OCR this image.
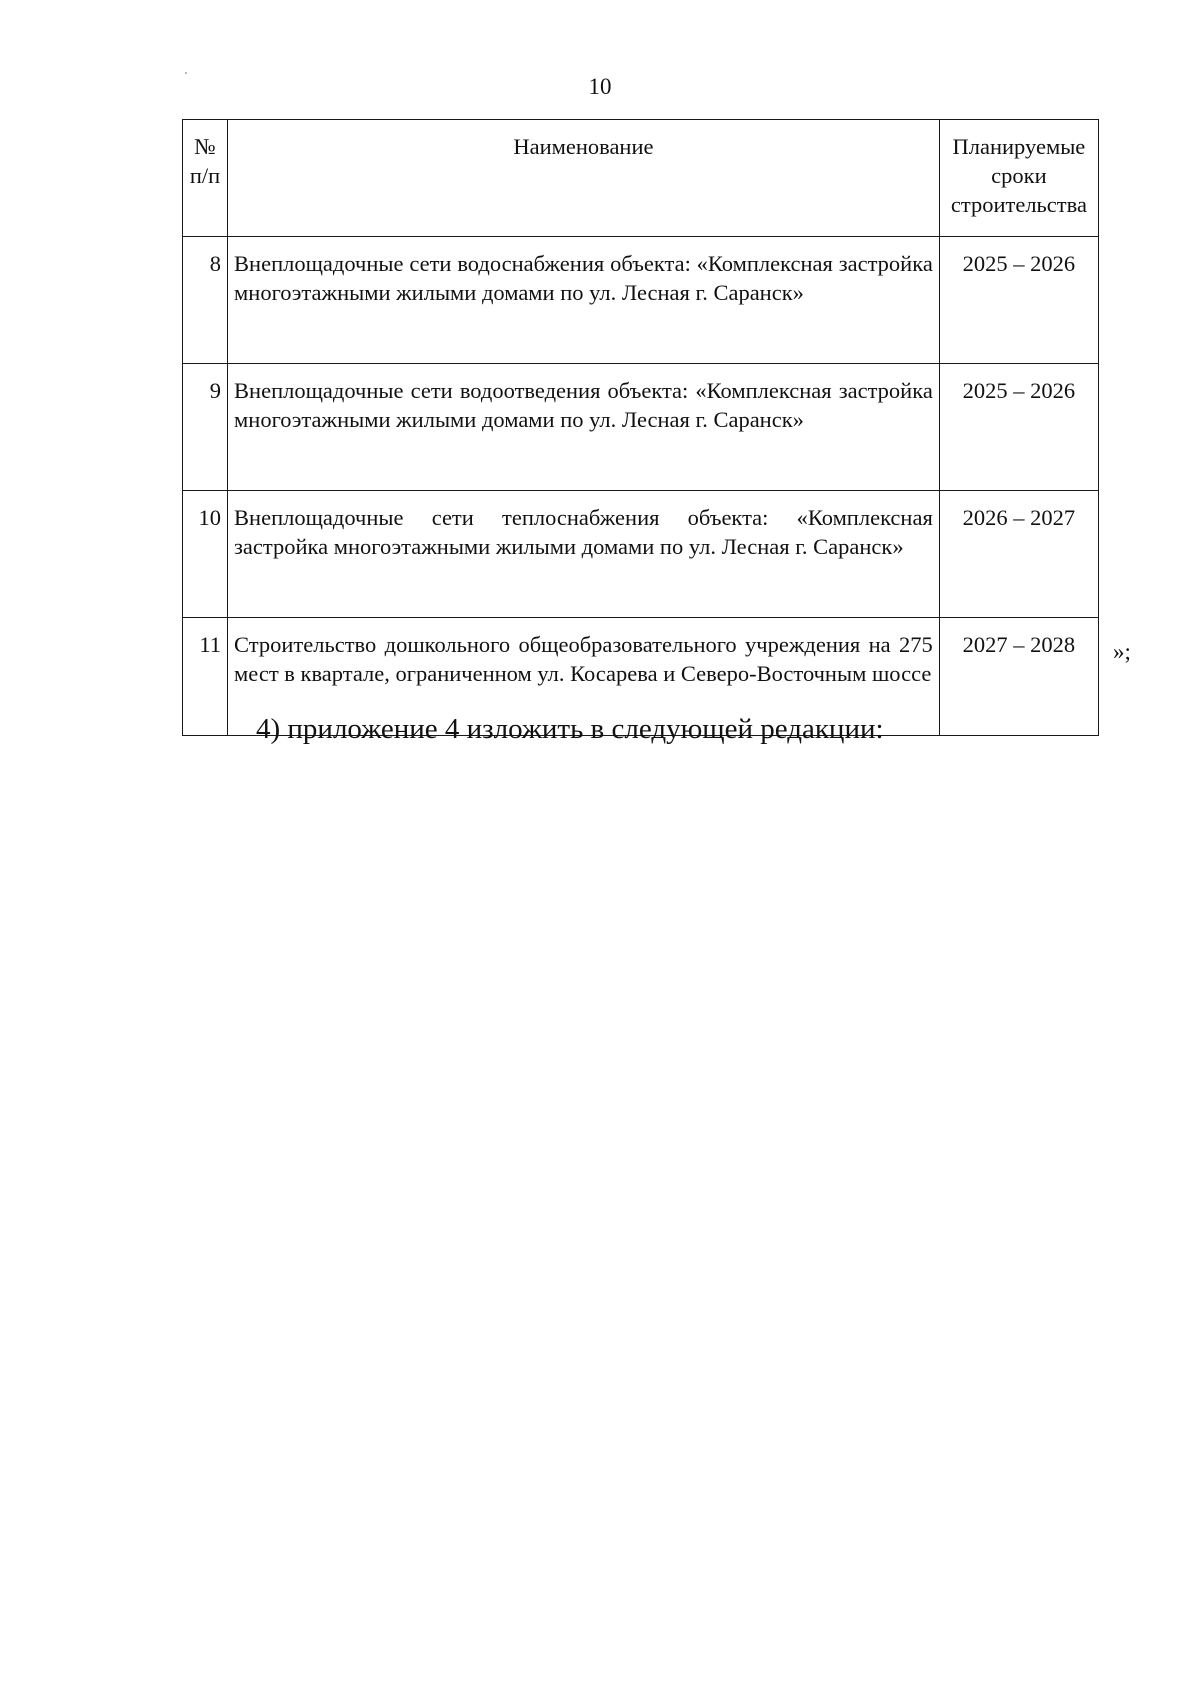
10
№ п/п	Наименование	Планируемые сроки строительства
8	Внеплощадочные сети водоснабжения объекта: «Комплексная застройка многоэтажными жилыми домами по ул. Лесная г. Саранск»	2025 – 2026
9	Внеплощадочные сети водоотведения объекта: «Комплексная застройка многоэтажными жилыми домами по ул. Лесная г. Саранск»	2025 – 2026
10	Внеплощадочные сети теплоснабжения объекта: «Комплексная застройка многоэтажными жилыми домами по ул. Лесная г. Саранск»	2026 – 2027
11	Строительство дошкольного общеобразовательного учреждения на 275 мест в квартале, ограниченном ул. Косарева и Северо-Восточным шоссе	2027 – 2028 »;
4) приложение 4 изложить в следующей редакции:
